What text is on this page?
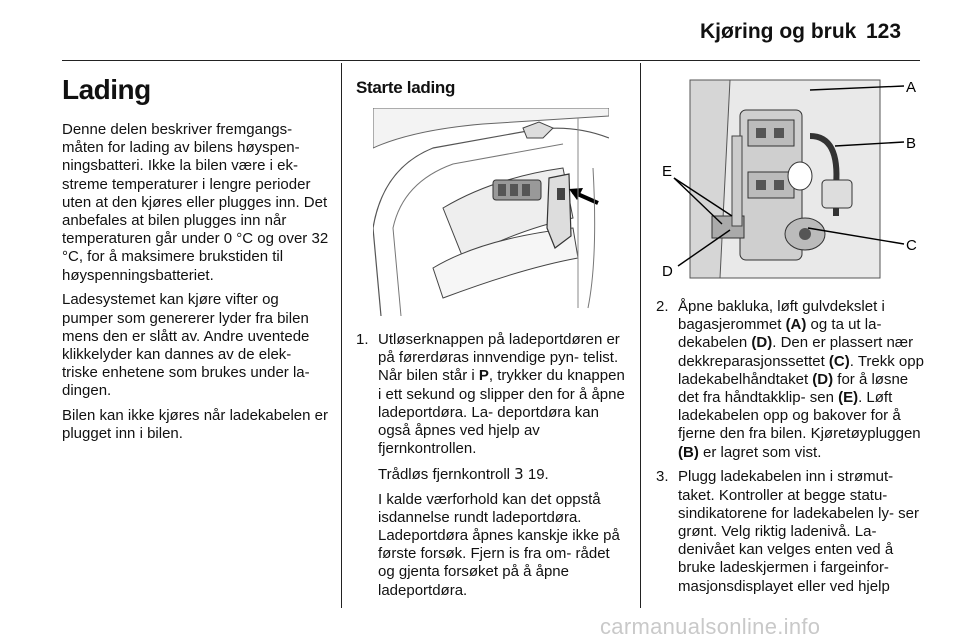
Kjøring og bruk 123
Lading

Denne delen beskriver fremgangs- måten for lading av bilens høyspen- ningsbatteri. Ikke la bilen være i ek- streme temperaturer i lengre perioder uten at den kjøres eller plugges inn. Det anbefales at bilen plugges inn når temperaturen går under 0 °C og over 32 °C, for å maksimere brukstiden til høyspenningsbatteriet.

Ladesystemet kan kjøre vifter og pumper som genererer lyder fra bilen mens den er slått av. Andre uventede klikkelyder kan dannes av de elek- triske enhetene som brukes under la- dingen.

Bilen kan ikke kjøres når ladekabelen er plugget inn i bilen.

Starte lading
1. Utløserknappen på ladeportdøren er på førerdøras innvendige pyn- telist. Når bilen står i P, trykker du knappen i ett sekund og slipper den for å åpne ladeportdøra. La- deportdøra kan også åpnes ved hjelp av fjernkontrollen.

Trådløs fjernkontroll 3 19.

I kalde værforhold kan det oppstå isdannelse rundt ladeportdøra. Ladeportdøra åpnes kanskje ikke på første forsøk. Fjern is fra om- rådet og gjenta forsøket på å åpne ladeportdøra.

A
B
C
D
E
2. Åpne bakluka, løft gulvdekslet i bagasjerommet (A) og ta ut la- dekabelen (D). Den er plassert nær dekkreparasjonssettet (C). Trekk opp ladekabelhåndtaket (D) for å løsne det fra håndtakklip- sen (E). Løft ladekabelen opp og bakover for å fjerne den fra bilen. Kjøretøypluggen (B) er lagret som vist.

3. Plugg ladekabelen inn i strømut- taket. Kontroller at begge statu- sindikatorene for ladekabelen ly- ser grønt. Velg riktig ladenivå. La- denivået kan velges enten ved å bruke ladeskjermen i fargeinfor- masjonsdisplayet eller ved hjelp

carmanualsonline.info
